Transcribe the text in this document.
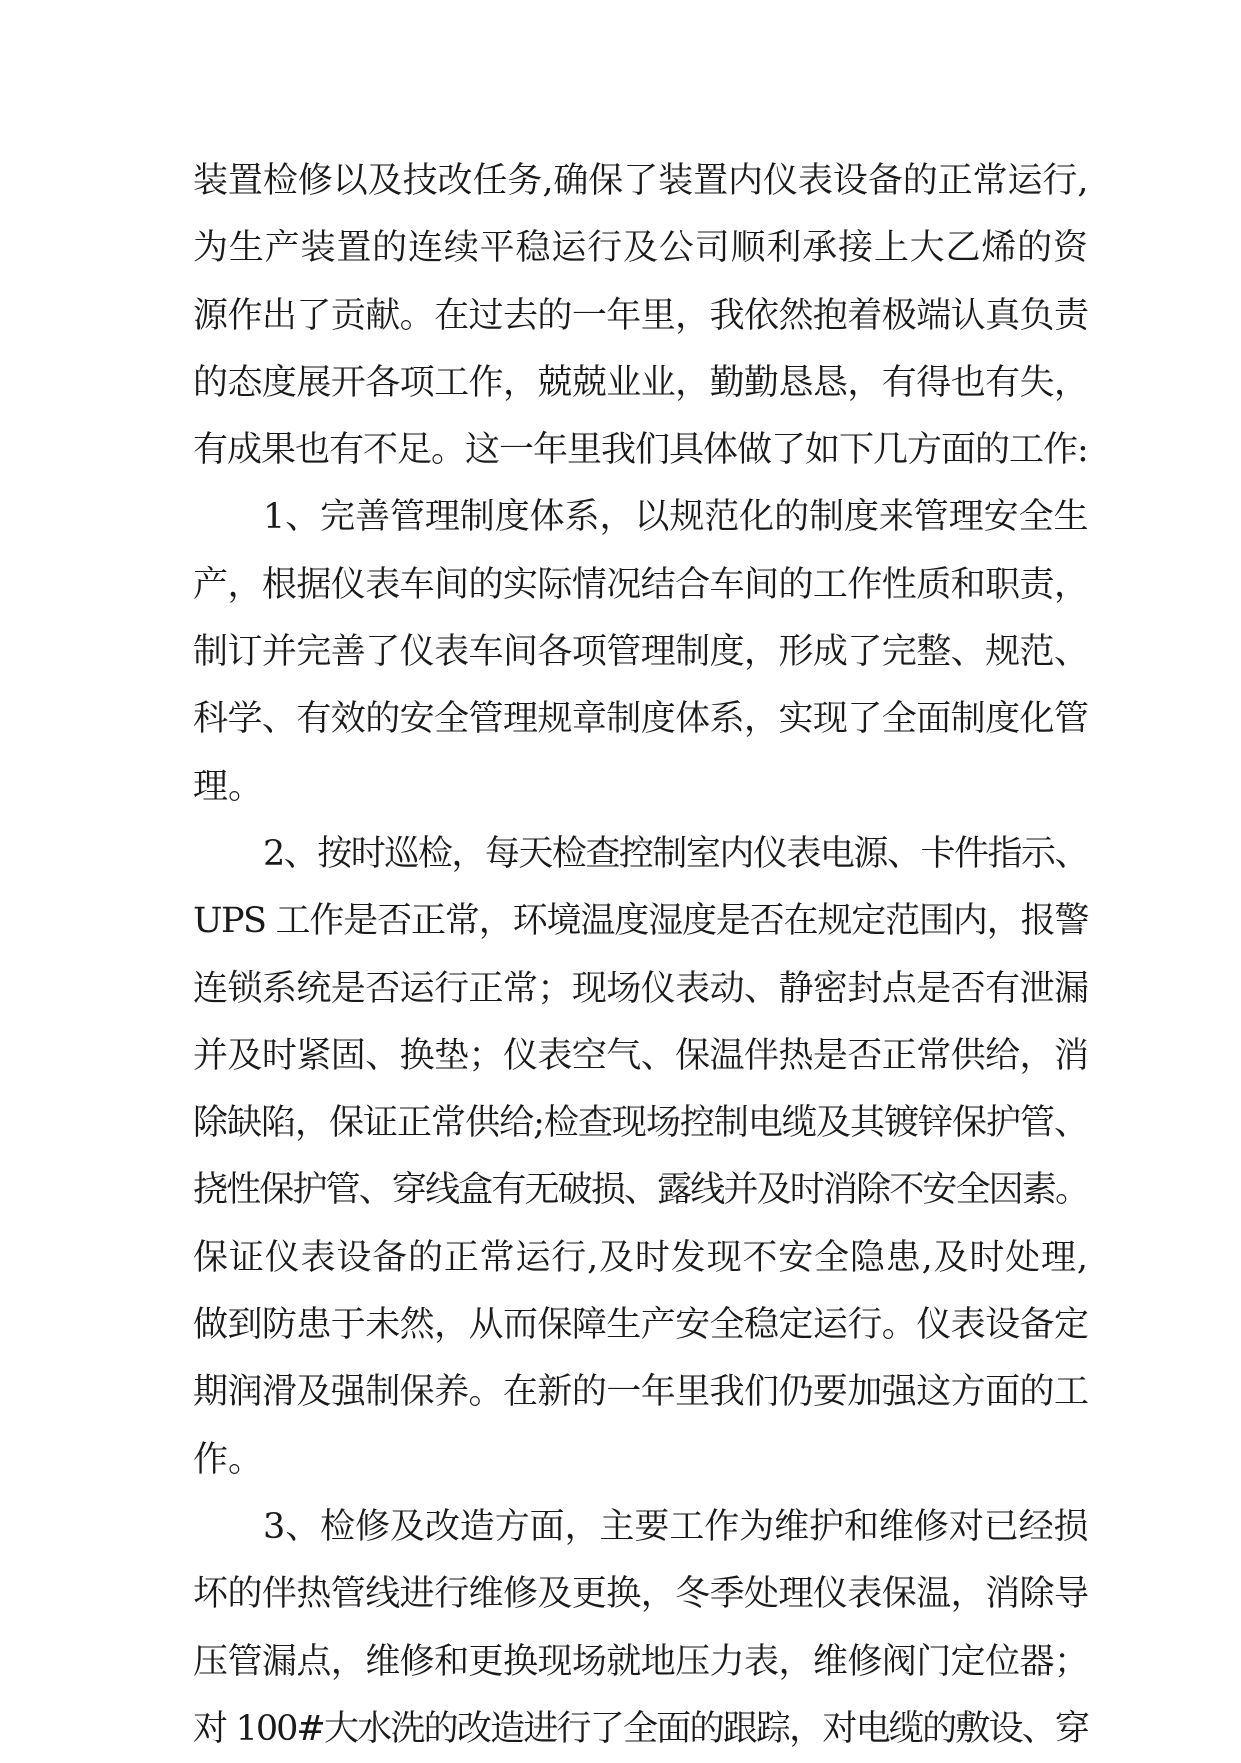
装置检修以及技改任务,确保了装置内仪表设备的正常运行,
为生产装置的连续平稳运行及公司顺利承接上大乙烯的资
源作出了贡献。在过去的一年里，我依然抱着极端认真负责
的态度展开各项工作，兢兢业业，勤勤恳恳，有得也有失，
有成果也有不足。这一年里我们具体做了如下几方面的工作:
1、完善管理制度体系，以规范化的制度来管理安全生
产，根据仪表车间的实际情况结合车间的工作性质和职责，
制订并完善了仪表车间各项管理制度，形成了完整、规范、
科学、有效的安全管理规章制度体系，实现了全面制度化管
理。
2、按时巡检，每天检查控制室内仪表电源、卡件指示、
UPS 工作是否正常，环境温度湿度是否在规定范围内，报警
连锁系统是否运行正常；现场仪表动、静密封点是否有泄漏
并及时紧固、换垫；仪表空气、保温伴热是否正常供给，消
除缺陷，保证正常供给;检查现场控制电缆及其镀锌保护管、
挠性保护管、穿线盒有无破损、露线并及时消除不安全因素。
保证仪表设备的正常运行,及时发现不安全隐患,及时处理,
做到防患于未然，从而保障生产安全稳定运行。仪表设备定
期润滑及强制保养。在新的一年里我们仍要加强这方面的工
作。
3、检修及改造方面，主要工作为维护和维修对已经损
坏的伴热管线进行维修及更换，冬季处理仪表保温，消除导
压管漏点，维修和更换现场就地压力表，维修阀门定位器；
对 100#大水洗的改造进行了全面的跟踪，对电缆的敷设、穿
